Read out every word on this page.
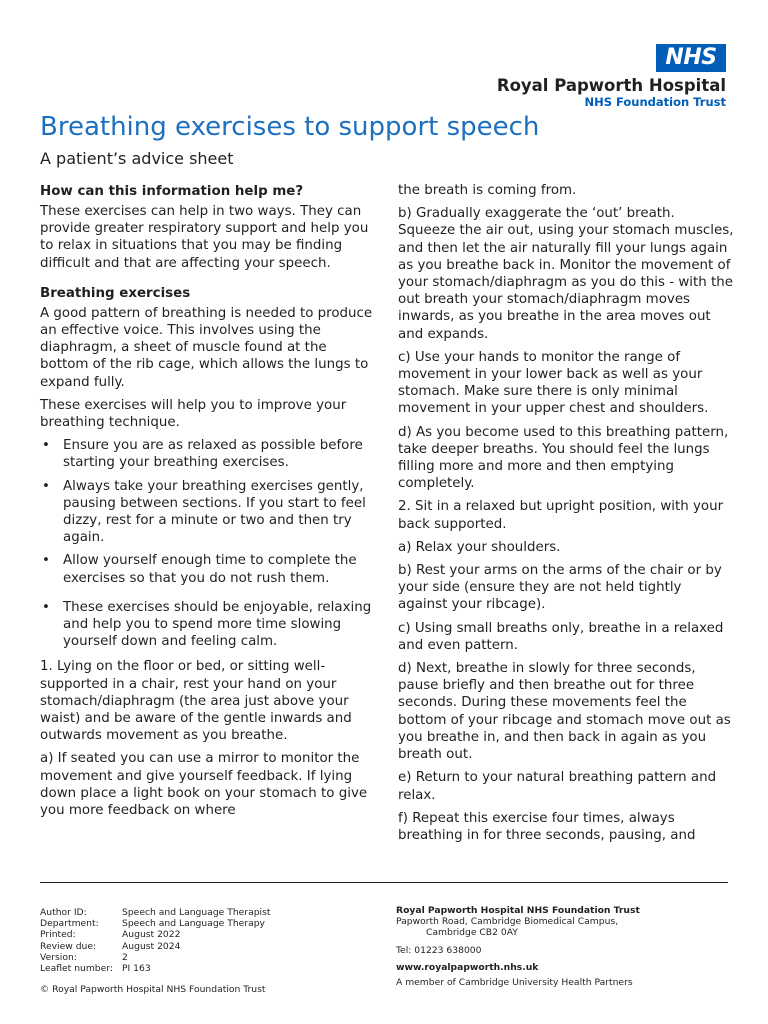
NHS
Royal Papworth Hospital
NHS Foundation Trust
Breathing exercises to support speech
A patient’s advice sheet
How can this information help me?

These exercises can help in two ways. They can provide greater respiratory support and help you to relax in situations that you may be finding difficult and that are affecting your speech.

Breathing exercises

A good pattern of breathing is needed to produce an effective voice. This involves using the diaphragm, a sheet of muscle found at the bottom of the rib cage, which allows the lungs to expand fully.

These exercises will help you to improve your breathing technique.

• Ensure you are as relaxed as possible before starting your breathing exercises.
• Always take your breathing exercises gently, pausing between sections. If you start to feel dizzy, rest for a minute or two and then try again.
• Allow yourself enough time to complete the exercises so that you do not rush them.
• These exercises should be enjoyable, relaxing and help you to spend more time slowing yourself down and feeling calm.

1. Lying on the floor or bed, or sitting well-supported in a chair, rest your hand on your stomach/diaphragm (the area just above your waist) and be aware of the gentle inwards and outwards movement as you breathe.

a) If seated you can use a mirror to monitor the movement and give yourself feedback. If lying down place a light book on your stomach to give you more feedback on where

the breath is coming from.

b) Gradually exaggerate the ‘out’ breath. Squeeze the air out, using your stomach muscles, and then let the air naturally fill your lungs again as you breathe back in. Monitor the movement of your stomach/diaphragm as you do this - with the out breath your stomach/diaphragm moves inwards, as you breathe in the area moves out and expands.

c) Use your hands to monitor the range of movement in your lower back as well as your stomach. Make sure there is only minimal movement in your upper chest and shoulders.

d) As you become used to this breathing pattern, take deeper breaths. You should feel the lungs filling more and more and then emptying completely.

2. Sit in a relaxed but upright position, with your back supported.

a) Relax your shoulders.

b) Rest your arms on the arms of the chair or by your side (ensure they are not held tightly against your ribcage).

c) Using small breaths only, breathe in a relaxed and even pattern.

d) Next, breathe in slowly for three seconds, pause briefly and then breathe out for three seconds. During these movements feel the bottom of your ribcage and stomach move out as you breathe in, and then back in again as you breath out.

e) Return to your natural breathing pattern and relax.

f) Repeat this exercise four times, always breathing in for three seconds, pausing, and

Author ID:	Speech and Language Therapist
Department:	Speech and Language Therapy
Printed:	August 2022
Review due:	August 2024
Version:	2
Leaflet number: PI 163
© Royal Papworth Hospital NHS Foundation Trust
Royal Papworth Hospital NHS Foundation Trust
Papworth Road, Cambridge Biomedical Campus,
Cambridge CB2 0AY
Tel: 01223 638000
www.royalpapworth.nhs.uk
A member of Cambridge University Health Partners
